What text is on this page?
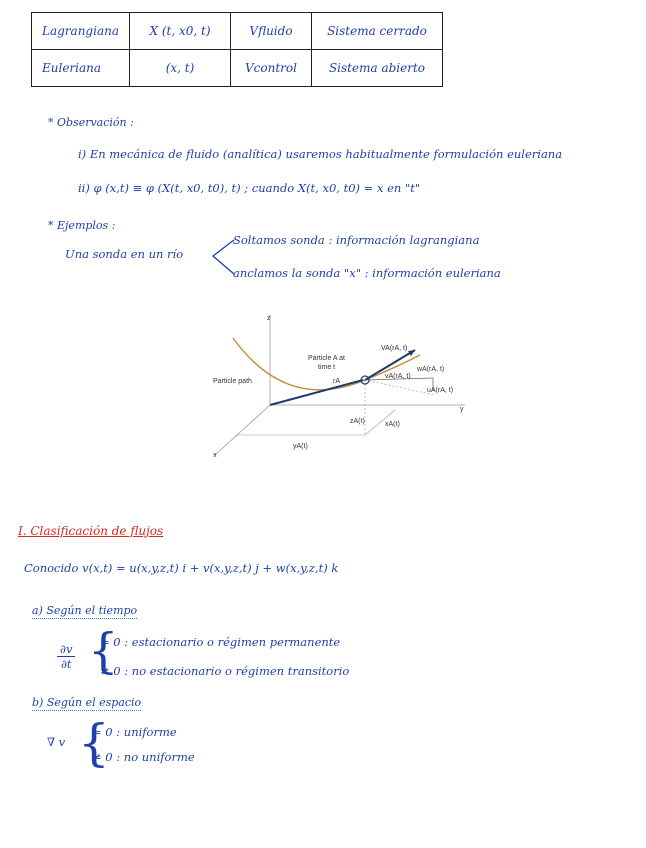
Lagrangiana	X (t, x0, t)	Vfluido	Sistema cerrado
Euleriana	(x, t)	Vcontrol	Sistema abierto
* Observación :
i) En mecánica de fluido (analítica) usaremos habitualmente formulación euleriana
ii) φ (x,t) ≡ φ (X(t, x0, t0), t) ; cuando X(t, x0, t0) = x en "t"
* Ejemplos :
Una sonda en un río
Soltamos sonda : información lagrangiana
anclamos la sonda "x" : información euleriana
Particle path
Particle A at
time t
VA(rA, t)
wA(rA, t)
vA(rA, t)
uA(rA, t)
rA
zA(t)	xA(t)
yA(t)
z
y
x
I. Clasificación de flujos
Conocido v(x,t) = u(x,y,z,t) i + v(x,y,z,t) j + w(x,y,z,t) k
a) Según el tiempo
$\frac{\partial v}{\partial t}$ {
= 0 : estacionario o régimen permanente
≠ 0 : no estacionario o régimen transitorio
b) Según el espacio
∇ v {
= 0 : uniforme
≠ 0 : no uniforme
